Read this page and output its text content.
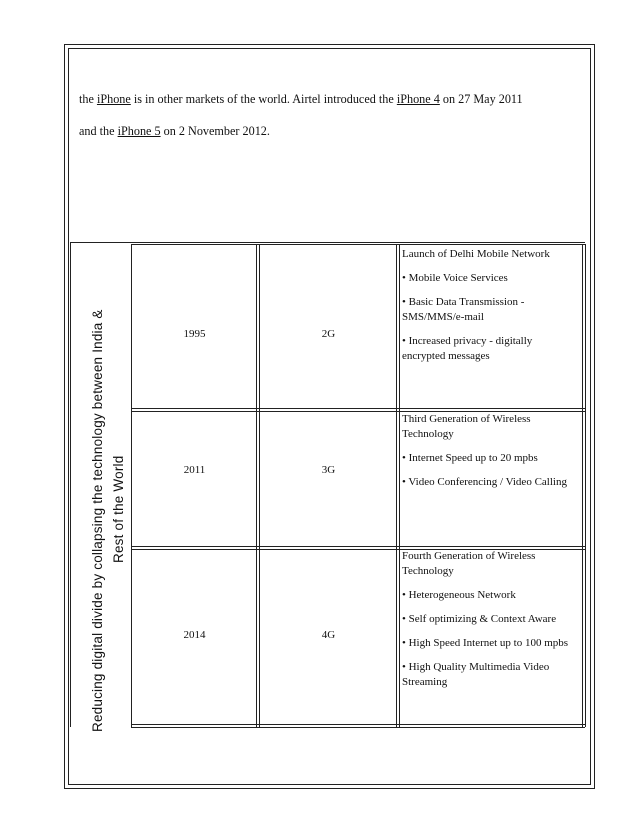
the iPhone is in other markets of the world. Airtel introduced the iPhone 4 on 27 May 2011
and the iPhone 5 on 2 November 2012.
Reducing digital divide by collapsing the technology between India & Rest of the World
1995	2G

Launch of Delhi Mobile Network

• Mobile Voice Services

• Basic Data Transmission - SMS/MMS/e-mail

• Increased privacy - digitally encrypted messages

2011	3G

Third Generation of Wireless Technology

• Internet Speed up to 20 mpbs

• Video Conferencing / Video Calling

2014	4G

Fourth Generation of Wireless Technology

• Heterogeneous Network

• Self optimizing & Context Aware

• High Speed Internet up to 100 mpbs

• High Quality Multimedia Video Streaming
